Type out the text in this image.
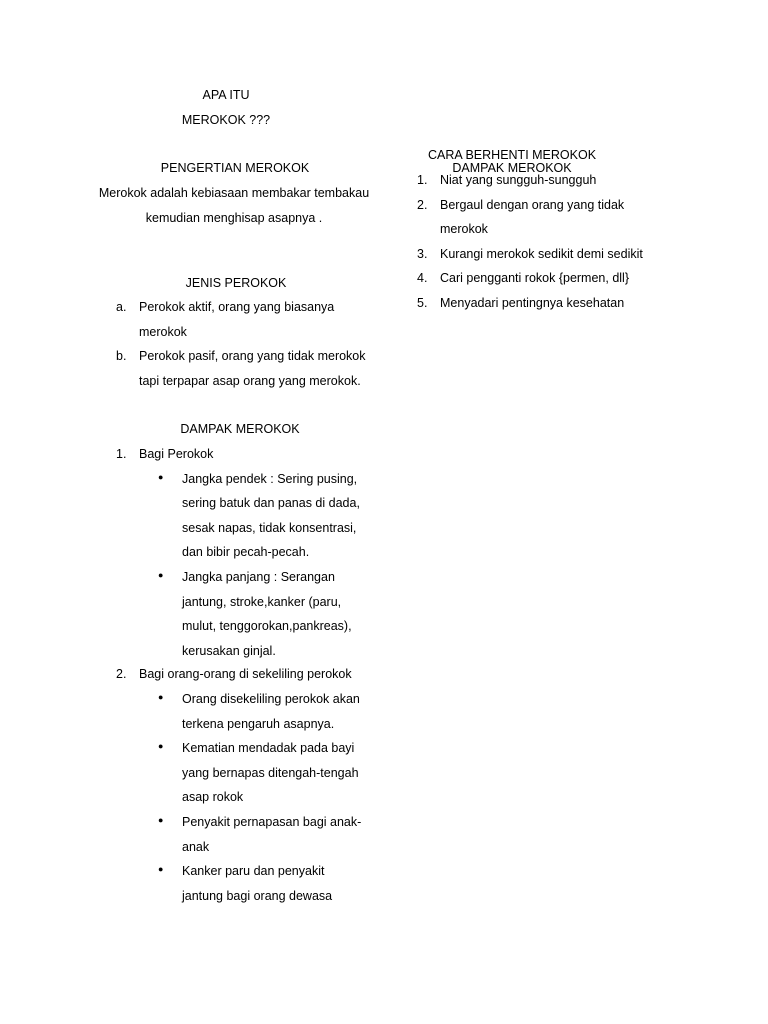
APA ITU
MEROKOK ???
PENGERTIAN MEROKOK
Merokok adalah kebiasaan membakar tembakau
kemudian menghisap asapnya .
JENIS PEROKOK
DAMPAK MEROKOK
CARA BERHENTI MEROKOK
DAMPAK MEROKOK
a. Perokok aktif, orang yang biasanya
merokok
b. Perokok pasif, orang yang tidak merokok
tapi terpapar asap orang yang merokok.
1. Bagi Perokok
● Jangka pendek : Sering pusing,
sering batuk dan panas di dada,
sesak napas, tidak konsentrasi,
dan bibir pecah-pecah.
● Jangka panjang : Serangan
jantung, stroke,kanker (paru,
mulut, tenggorokan,pankreas),
kerusakan ginjal.
2. Bagi orang-orang di sekeliling perokok
● Orang disekeliling perokok akan
terkena pengaruh asapnya.
● Kematian mendadak pada bayi
yang bernapas ditengah-tengah
asap rokok
● Penyakit pernapasan bagi anak-
anak
● Kanker paru dan penyakit
jantung bagi orang dewasa
1. Niat yang sungguh-sungguh
2. Bergaul dengan orang yang tidak
merokok
3. Kurangi merokok sedikit demi sedikit
4. Cari pengganti rokok {permen, dll}
5. Menyadari pentingnya kesehatan
